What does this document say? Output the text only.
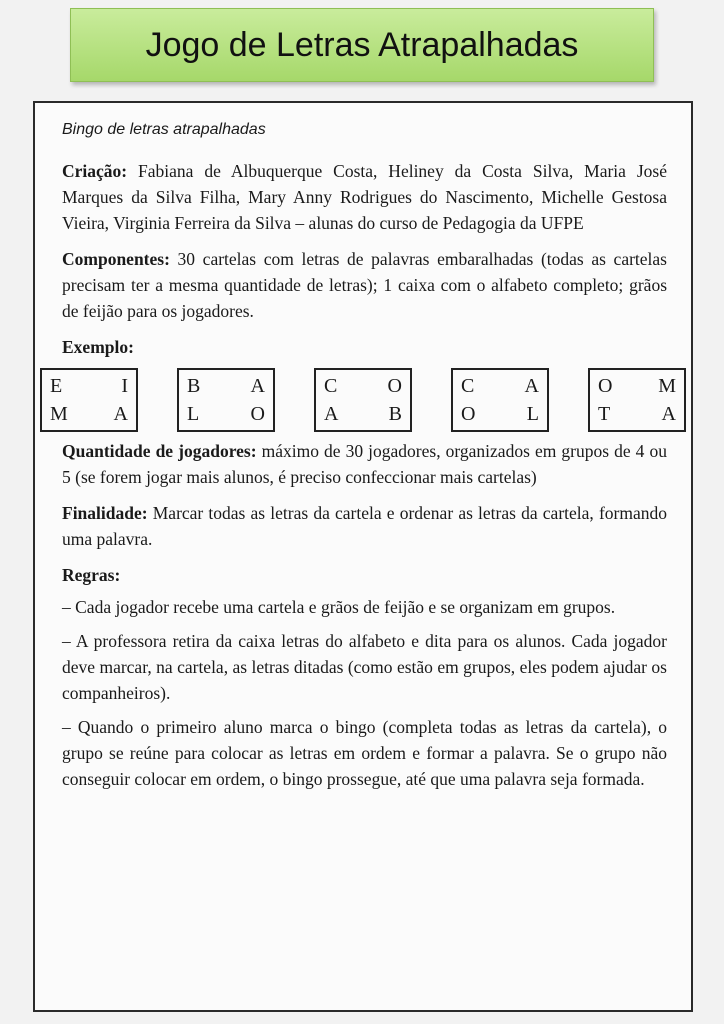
Jogo de Letras Atrapalhadas

Bingo de letras atrapalhadas

Criação: Fabiana de Albuquerque Costa, Heliney da Costa Silva, Maria José Marques da Silva Filha, Mary Anny Rodrigues do Nascimento, Michelle Gestosa Vieira, Virginia Ferreira da Silva – alunas do curso de Pedagogia da UFPE

Componentes: 30 cartelas com letras de palavras embaralhadas (todas as cartelas precisam ter a mesma quantidade de letras); 1 caixa com o alfabeto completo; grãos de feijão para os jogadores.

Exemplo:

E	I
M	A
B	A
L	O
C	O
A	B
C	A
O	L
O	M
T	A

Quantidade de jogadores: máximo de 30 jogadores, organizados em grupos de 4 ou 5 (se forem jogar mais alunos, é preciso confeccionar mais cartelas)

Finalidade: Marcar todas as letras da cartela e ordenar as letras da cartela, formando uma palavra.

Regras:

– Cada jogador recebe uma cartela e grãos de feijão e se organizam em grupos.

– A professora retira da caixa letras do alfabeto e dita para os alunos. Cada jogador deve marcar, na cartela, as letras ditadas (como estão em grupos, eles podem ajudar os companheiros).

– Quando o primeiro aluno marca o bingo (completa todas as letras da cartela), o grupo se reúne para colocar as letras em ordem e formar a palavra. Se o grupo não conseguir colocar em ordem, o bingo prossegue, até que uma palavra seja formada.
